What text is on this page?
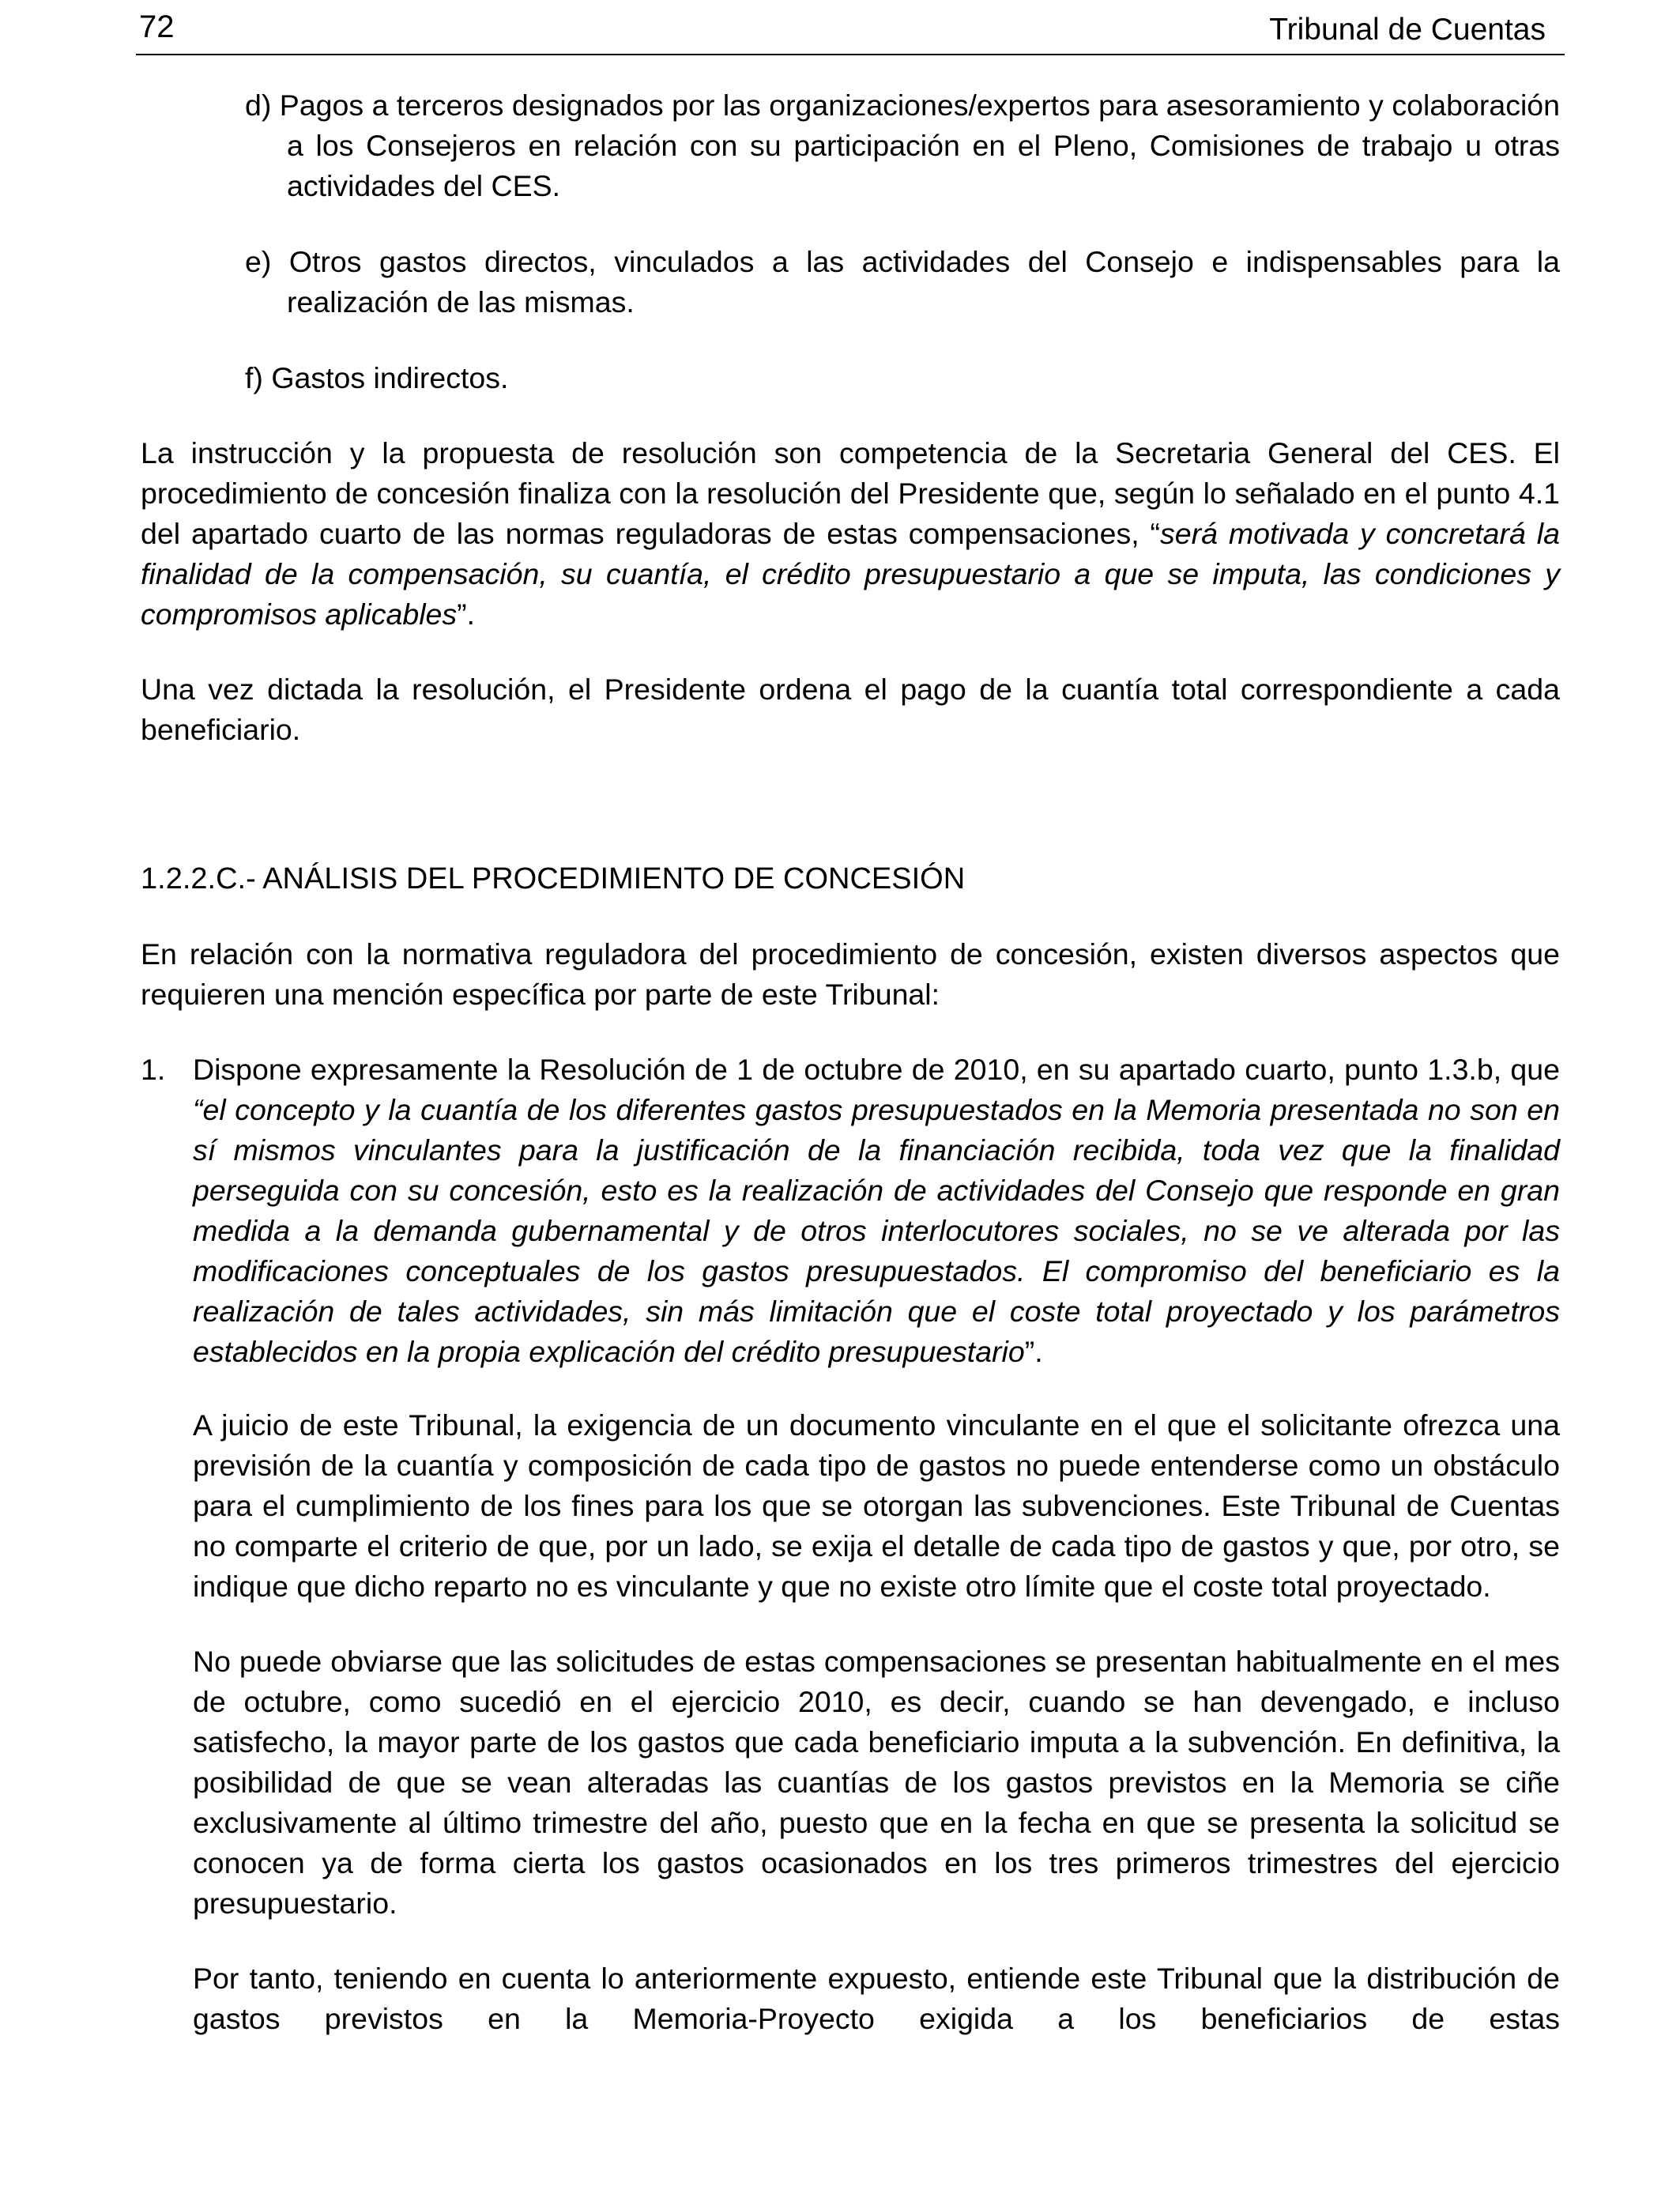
72	Tribunal de Cuentas

d) Pagos a terceros designados por las organizaciones/expertos para asesoramiento y colaboración a los Consejeros en relación con su participación en el Pleno, Comisiones de trabajo u otras actividades del CES.

e) Otros gastos directos, vinculados a las actividades del Consejo e indispensables para la realización de las mismas.

f) Gastos indirectos.

La instrucción y la propuesta de resolución son competencia de la Secretaria General del CES. El procedimiento de concesión finaliza con la resolución del Presidente que, según lo señalado en el punto 4.1 del apartado cuarto de las normas reguladoras de estas compensaciones, “será motivada y concretará la finalidad de la compensación, su cuantía, el crédito presupuestario a que se imputa, las condiciones y compromisos aplicables”.

Una vez dictada la resolución, el Presidente ordena el pago de la cuantía total correspondiente a cada beneficiario.

1.2.2.C.- ANÁLISIS DEL PROCEDIMIENTO DE CONCESIÓN

En relación con la normativa reguladora del procedimiento de concesión, existen diversos aspectos que requieren una mención específica por parte de este Tribunal:

1. Dispone expresamente la Resolución de 1 de octubre de 2010, en su apartado cuarto, punto 1.3.b, que “el concepto y la cuantía de los diferentes gastos presupuestados en la Memoria presentada no son en sí mismos vinculantes para la justificación de la financiación recibida, toda vez que la finalidad perseguida con su concesión, esto es la realización de actividades del Consejo que responde en gran medida a la demanda gubernamental y de otros interlocutores sociales, no se ve alterada por las modificaciones conceptuales de los gastos presupuestados. El compromiso del beneficiario es la realización de tales actividades, sin más limitación que el coste total proyectado y los parámetros establecidos en la propia explicación del crédito presupuestario”.

A juicio de este Tribunal, la exigencia de un documento vinculante en el que el solicitante ofrezca una previsión de la cuantía y composición de cada tipo de gastos no puede entenderse como un obstáculo para el cumplimiento de los fines para los que se otorgan las subvenciones. Este Tribunal de Cuentas no comparte el criterio de que, por un lado, se exija el detalle de cada tipo de gastos y que, por otro, se indique que dicho reparto no es vinculante y que no existe otro límite que el coste total proyectado.

No puede obviarse que las solicitudes de estas compensaciones se presentan habitualmente en el mes de octubre, como sucedió en el ejercicio 2010, es decir, cuando se han devengado, e incluso satisfecho, la mayor parte de los gastos que cada beneficiario imputa a la subvención. En definitiva, la posibilidad de que se vean alteradas las cuantías de los gastos previstos en la Memoria se ciñe exclusivamente al último trimestre del año, puesto que en la fecha en que se presenta la solicitud se conocen ya de forma cierta los gastos ocasionados en los tres primeros trimestres del ejercicio presupuestario.

Por tanto, teniendo en cuenta lo anteriormente expuesto, entiende este Tribunal que la distribución de gastos previstos en la Memoria-Proyecto exigida a los beneficiarios de estas
